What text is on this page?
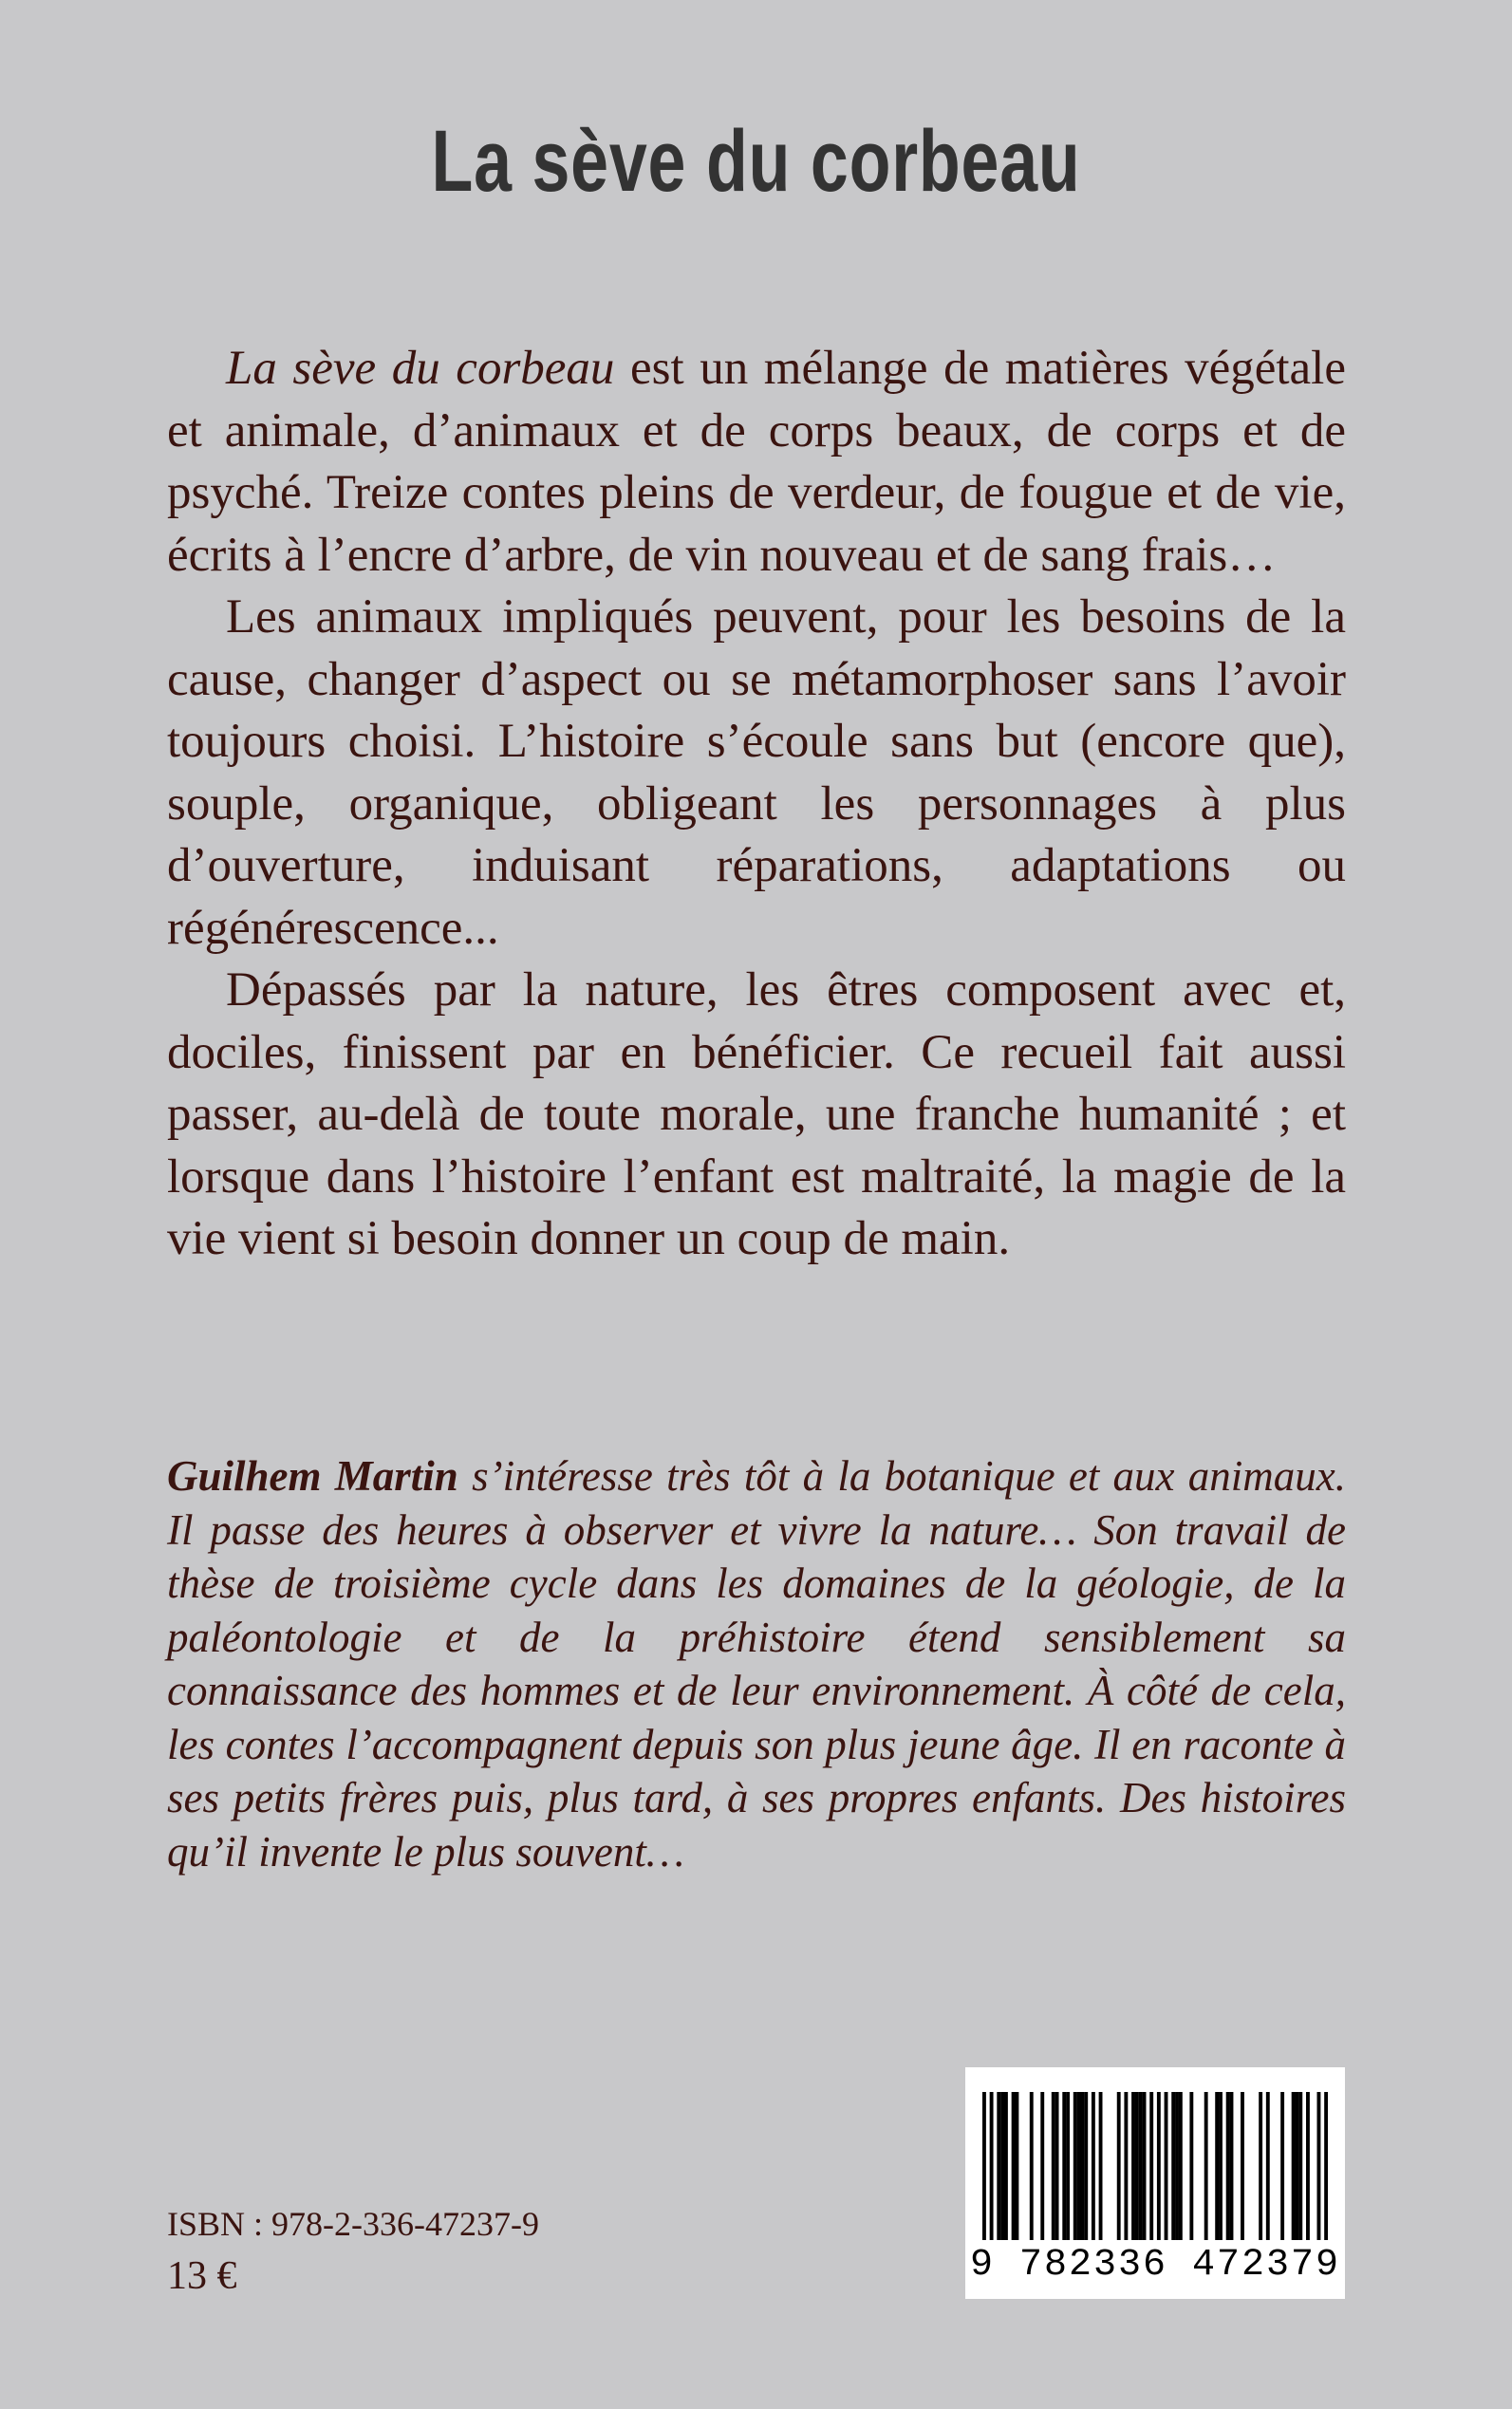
La sève du corbeau

La sève du corbeau est un mélange de matières végétale et animale, d’animaux et de corps beaux, de corps et de psyché. Treize contes pleins de verdeur, de fougue et de vie, écrits à l’encre d’arbre, de vin nouveau et de sang frais…

Les animaux impliqués peuvent, pour les besoins de la cause, changer d’aspect ou se métamorphoser sans l’avoir toujours choisi. L’histoire s’écoule sans but (encore que), souple, organique, obligeant les personnages à plus d’ouverture, induisant réparations, adaptations ou régénérescence...

Dépassés par la nature, les êtres composent avec et, dociles, finissent par en bénéficier. Ce recueil fait aussi passer, au-delà de toute morale, une franche humanité ; et lorsque dans l’histoire l’enfant est maltraité, la magie de la vie vient si besoin donner un coup de main.

Guilhem Martin s’intéresse très tôt à la botanique et aux animaux. Il passe des heures à observer et vivre la nature… Son travail de thèse de troisième cycle dans les domaines de la géologie, de la paléontologie et de la préhistoire étend sensiblement sa connaissance des hommes et de leur environnement. À côté de cela, les contes l’accompagnent depuis son plus jeune âge. Il en raconte à ses petits frères puis, plus tard, à ses propres enfants. Des histoires qu’il invente le plus souvent…

ISBN : 978-2-336-47237-9

13 €	9 782336 472379
